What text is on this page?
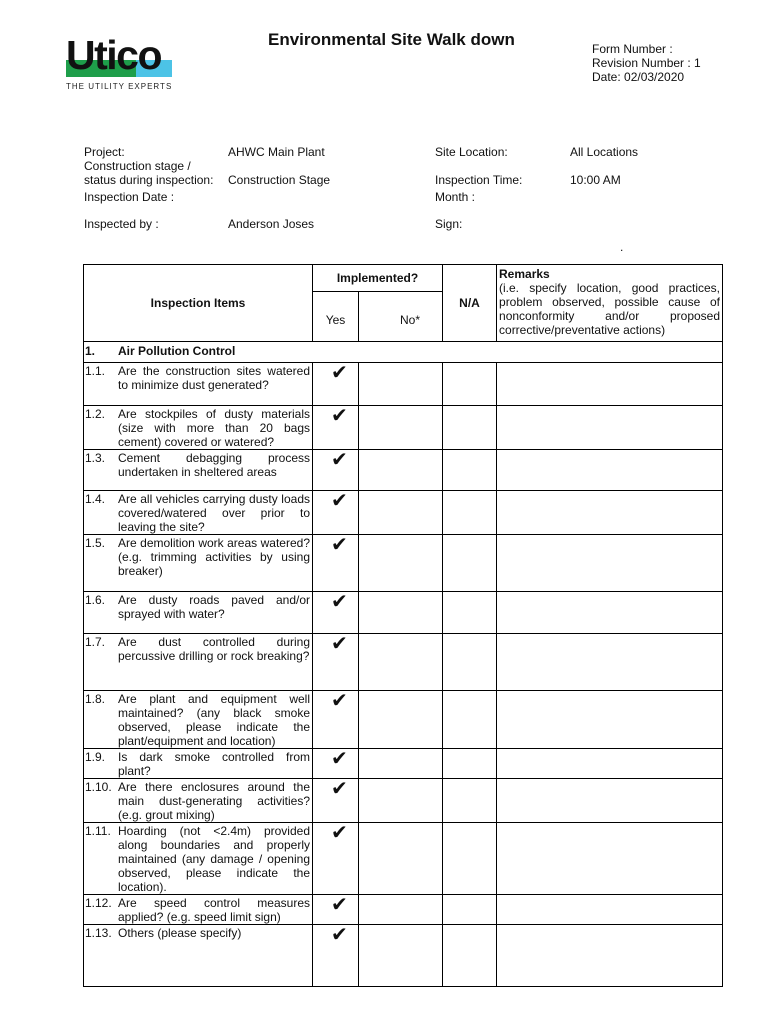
Utico
THE UTILITY EXPERTS
Environmental Site Walk down	Form Number :
Revision Number : 1
Date: 02/03/2020
Project:	AHWC Main Plant	Site Location:	All Locations
Construction stage /
status during inspection: Construction Stage	Inspection Time:	10:00 AM
Inspection Date :	Month :
Inspected by :	Anderson Joses	Sign:
.
Inspection Items	Implemented?		N/A	Remarks
(i.e. specify location, good practices, problem observed, possible cause of nonconformity and/or proposed corrective/preventative actions)

	Yes	No*		

1. Air Pollution Control				

1.1. Are the construction sites watered to minimize dust generated?	✔			

1.2. Are stockpiles of dusty materials (size with more than 20 bags cement) covered or watered?	✔			

1.3. Cement debagging process undertaken in sheltered areas	✔			

1.4. Are all vehicles carrying dusty loads covered/watered over prior to leaving the site?	✔			

1.5. Are demolition work areas watered? (e.g. trimming activities by using breaker)	✔			

1.6. Are dusty roads paved and/or sprayed with water?	✔			

1.7. Are dust controlled during percussive drilling or rock breaking?	✔			

1.8. Are plant and equipment well maintained? (any black smoke observed, please indicate the plant/equipment and location)	✔			

1.9. Is dark smoke controlled from plant?	✔			

1.10. Are there enclosures around the main dust-generating activities? (e.g. grout mixing)	✔			

1.11. Hoarding (not <2.4m) provided along boundaries and properly maintained (any damage / opening observed, please indicate the location).	✔			

1.12. Are speed control measures applied? (e.g. speed limit sign)	✔			

1.13. Others (please specify)	✔			
